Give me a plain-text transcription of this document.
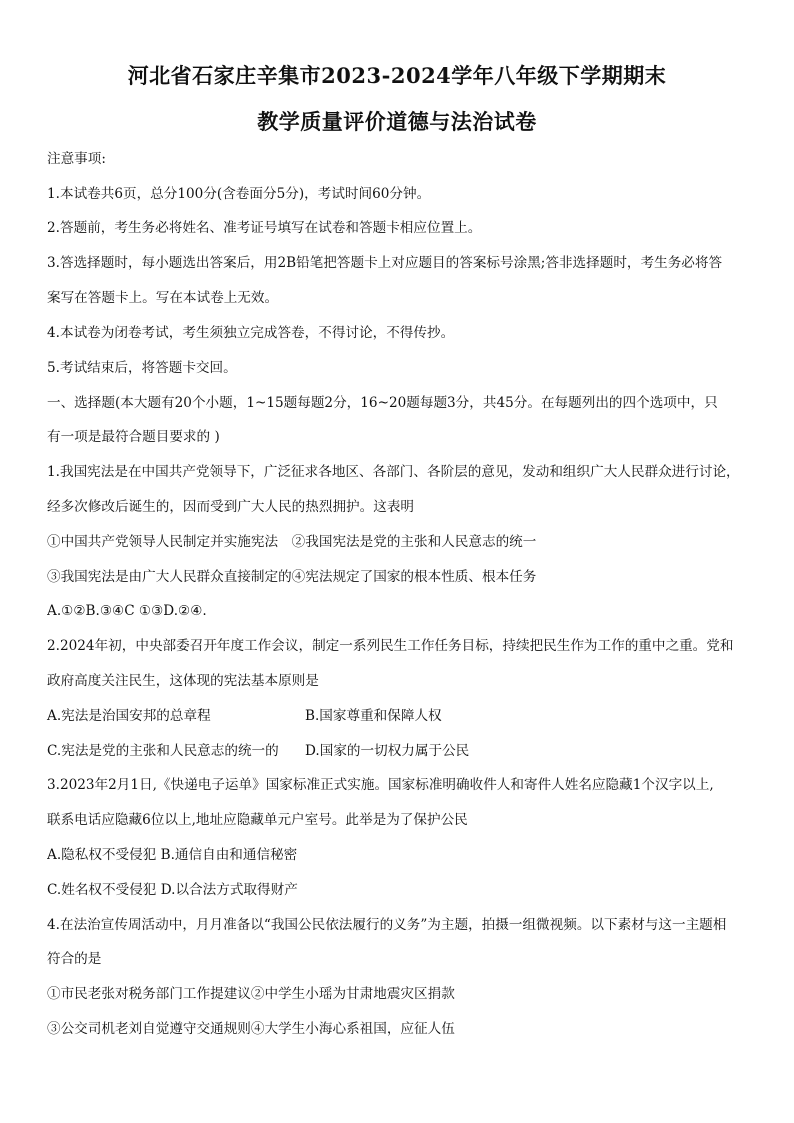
河北省石家庄辛集市2023-2024学年八年级下学期期末
教学质量评价道德与法治试卷
注意事项:
1.本试卷共6页，总分100分(含卷面分5分)，考试时间60分钟。
2.答题前，考生务必将姓名、准考证号填写在试卷和答题卡相应位置上。
3.答选择题时，每小题选出答案后，用2B铅笔把答题卡上对应题目的答案标号涂黑;答非选择题时，考生务必将答
案写在答题卡上。写在本试卷上无效。
4.本试卷为闭卷考试，考生须独立完成答卷，不得讨论，不得传抄。
5.考试结束后，将答题卡交回。
一、选择题(本大题有20个小题，1~15题每题2分，16~20题每题3分，共45分。在每题列出的四个选项中，只
有一项是最符合题目要求的 )
1.我国宪法是在中国共产党领导下，广泛征求各地区、各部门、各阶层的意见，发动和组织广大人民群众进行讨论，
经多次修改后诞生的，因而受到广大人民的热烈拥护。这表明
①中国共产党领导人民制定并实施宪法　②我国宪法是党的主张和人民意志的统一
③我国宪法是由广大人民群众直接制定的④宪法规定了国家的根本性质、根本任务
A.①②B.③④C ①③D.②④.
2.2024年初，中央部委召开年度工作会议，制定一系列民生工作任务目标，持续把民生作为工作的重中之重。党和
政府高度关注民生，这体现的宪法基本原则是
A.宪法是治国安邦的总章程	B.国家尊重和保障人权
C.宪法是党的主张和人民意志的统一的 D.国家的一切权力属于公民
3.2023年2月1日,《快递电子运单》国家标准正式实施。国家标准明确收件人和寄件人姓名应隐藏1个汉字以上,
联系电话应隐藏6位以上,地址应隐藏单元户室号。此举是为了保护公民
A.隐私权不受侵犯 B.通信自由和通信秘密
C.姓名权不受侵犯 D.以合法方式取得财产
4.在法治宣传周活动中，月月准备以“我国公民依法履行的义务”为主题，拍摄一组微视频。以下素材与这一主题相
符合的是
①市民老张对税务部门工作提建议②中学生小瑶为甘肃地震灾区捐款
③公交司机老刘自觉遵守交通规则④大学生小海心系祖国，应征人伍
